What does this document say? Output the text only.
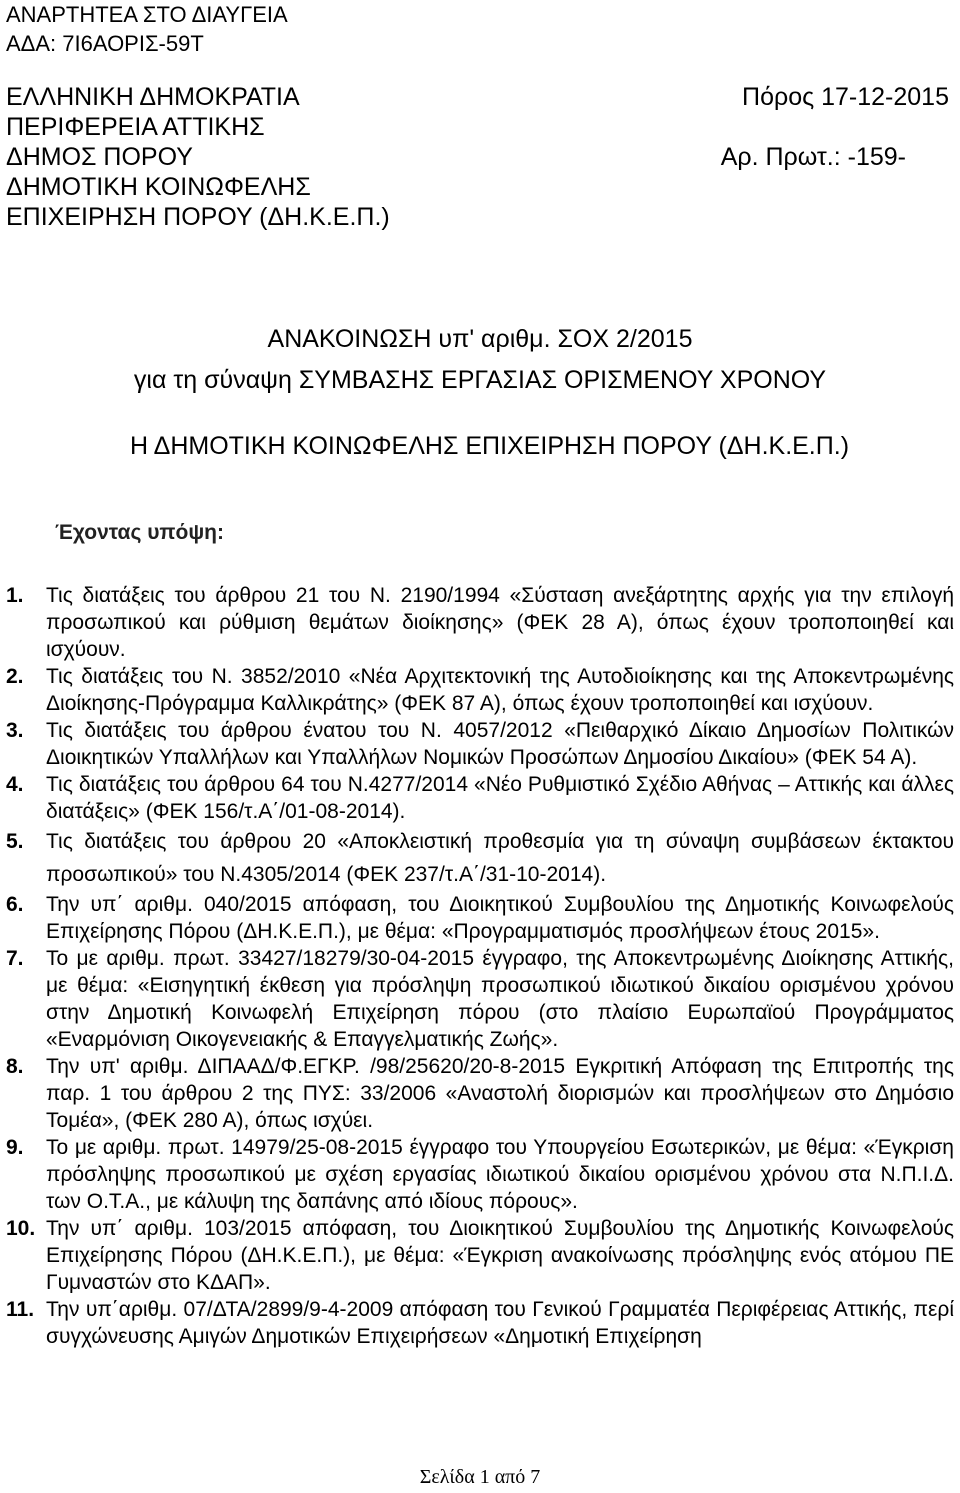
ΑΝΑΡΤΗΤΕΑ ΣΤΟ ΔΙΑΥΓΕΙΑ
ΑΔΑ: 7Ι6ΑΟΡΙΣ-59Τ
ΕΛΛΗΝΙΚΗ ΔΗΜΟΚΡΑΤΙΑ
ΠΕΡΙΦΕΡΕΙΑ ΑΤΤΙΚΗΣ
ΔΗΜΟΣ ΠΟΡΟΥ
ΔΗΜΟΤΙΚΗ ΚΟΙΝΩΦΕΛΗΣ
ΕΠΙΧΕΙΡΗΣΗ ΠΟΡΟΥ (ΔΗ.Κ.Ε.Π.)
Πόρος 17-12-2015
Αρ. Πρωτ.: -159-
ΑΝΑΚΟΙΝΩΣΗ υπ' αριθμ. ΣΟΧ 2/2015
για τη σύναψη ΣΥΜΒΑΣΗΣ ΕΡΓΑΣΙΑΣ ΟΡΙΣΜΕΝΟΥ ΧΡΟΝΟΥ
Η ΔΗΜΟΤΙΚΗ ΚΟΙΝΩΦΕΛΗΣ ΕΠΙΧΕΙΡΗΣΗ ΠΟΡΟΥ (ΔΗ.Κ.Ε.Π.)
Έχοντας υπόψη:
1. Τις διατάξεις του άρθρου 21 του Ν. 2190/1994 «Σύσταση ανεξάρτητης αρχής για την επιλογή προσωπικού και ρύθμιση θεμάτων διοίκησης» (ΦΕΚ 28 Α), όπως έχουν τροποποιηθεί και ισχύουν.
2. Τις διατάξεις του Ν. 3852/2010 «Νέα Αρχιτεκτονική της Αυτοδιοίκησης και της Αποκεντρωμένης Διοίκησης-Πρόγραμμα Καλλικράτης» (ΦΕΚ 87 Α), όπως έχουν τροποποιηθεί και ισχύουν.
3. Τις διατάξεις του άρθρου ένατου του Ν. 4057/2012 «Πειθαρχικό Δίκαιο Δημοσίων Πολιτικών Διοικητικών Υπαλλήλων και Υπαλλήλων Νομικών Προσώπων Δημοσίου Δικαίου» (ΦΕΚ 54 Α).
4. Τις διατάξεις του άρθρου 64 του Ν.4277/2014 «Νέο Ρυθμιστικό Σχέδιο Αθήνας – Αττικής και άλλες διατάξεις» (ΦΕΚ 156/τ.Α΄/01-08-2014).
5. Τις διατάξεις του άρθρου 20 «Αποκλειστική προθεσμία για τη σύναψη συμβάσεων έκτακτου προσωπικού» του Ν.4305/2014 (ΦΕΚ 237/τ.Α΄/31-10-2014).
6. Την υπ΄ αριθμ. 040/2015 απόφαση, του Διοικητικού Συμβουλίου της Δημοτικής Κοινωφελούς Επιχείρησης Πόρου (ΔΗ.Κ.Ε.Π.), με θέμα: «Προγραμματισμός προσλήψεων έτους 2015».
7. Το με αριθμ. πρωτ. 33427/18279/30-04-2015 έγγραφο, της Αποκεντρωμένης Διοίκησης Αττικής, με θέμα: «Εισηγητική έκθεση για πρόσληψη προσωπικού ιδιωτικού δικαίου ορισμένου χρόνου στην Δημοτική Κοινωφελή Επιχείρηση πόρου (στο πλαίσιο Ευρωπαϊού Προγράμματος «Εναρμόνιση Οικογενειακής & Επαγγελματικής Ζωής».
8. Την υπ' αριθμ. ΔΙΠΑΑΔ/Φ.ΕΓΚΡ. /98/25620/20-8-2015 Εγκριτική Απόφαση της Επιτροπής της παρ. 1 του άρθρου 2 της ΠΥΣ: 33/2006 «Αναστολή διορισμών και προσλήψεων στο Δημόσιο Τομέα», (ΦΕΚ 280 Α), όπως ισχύει.
9. Το με αριθμ. πρωτ. 14979/25-08-2015 έγγραφο του Υπουργείου Εσωτερικών, με θέμα: «Έγκριση πρόσληψης προσωπικού με σχέση εργασίας ιδιωτικού δικαίου ορισμένου χρόνου στα Ν.Π.Ι.Δ. των Ο.Τ.Α., με κάλυψη της δαπάνης από ιδίους πόρους».
10. Την υπ΄ αριθμ. 103/2015 απόφαση, του Διοικητικού Συμβουλίου της Δημοτικής Κοινωφελούς Επιχείρησης Πόρου (ΔΗ.Κ.Ε.Π.), με θέμα: «Έγκριση ανακοίνωσης πρόσληψης ενός ατόμου ΠΕ Γυμναστών στο ΚΔΑΠ».
11. Την υπ΄αριθμ. 07/ΔΤΑ/2899/9-4-2009 απόφαση του Γενικού Γραμματέα Περιφέρειας Αττικής, περί συγχώνευσης Αμιγών Δημοτικών Επιχειρήσεων «Δημοτική Επιχείρηση
Σελίδα 1 από 7
